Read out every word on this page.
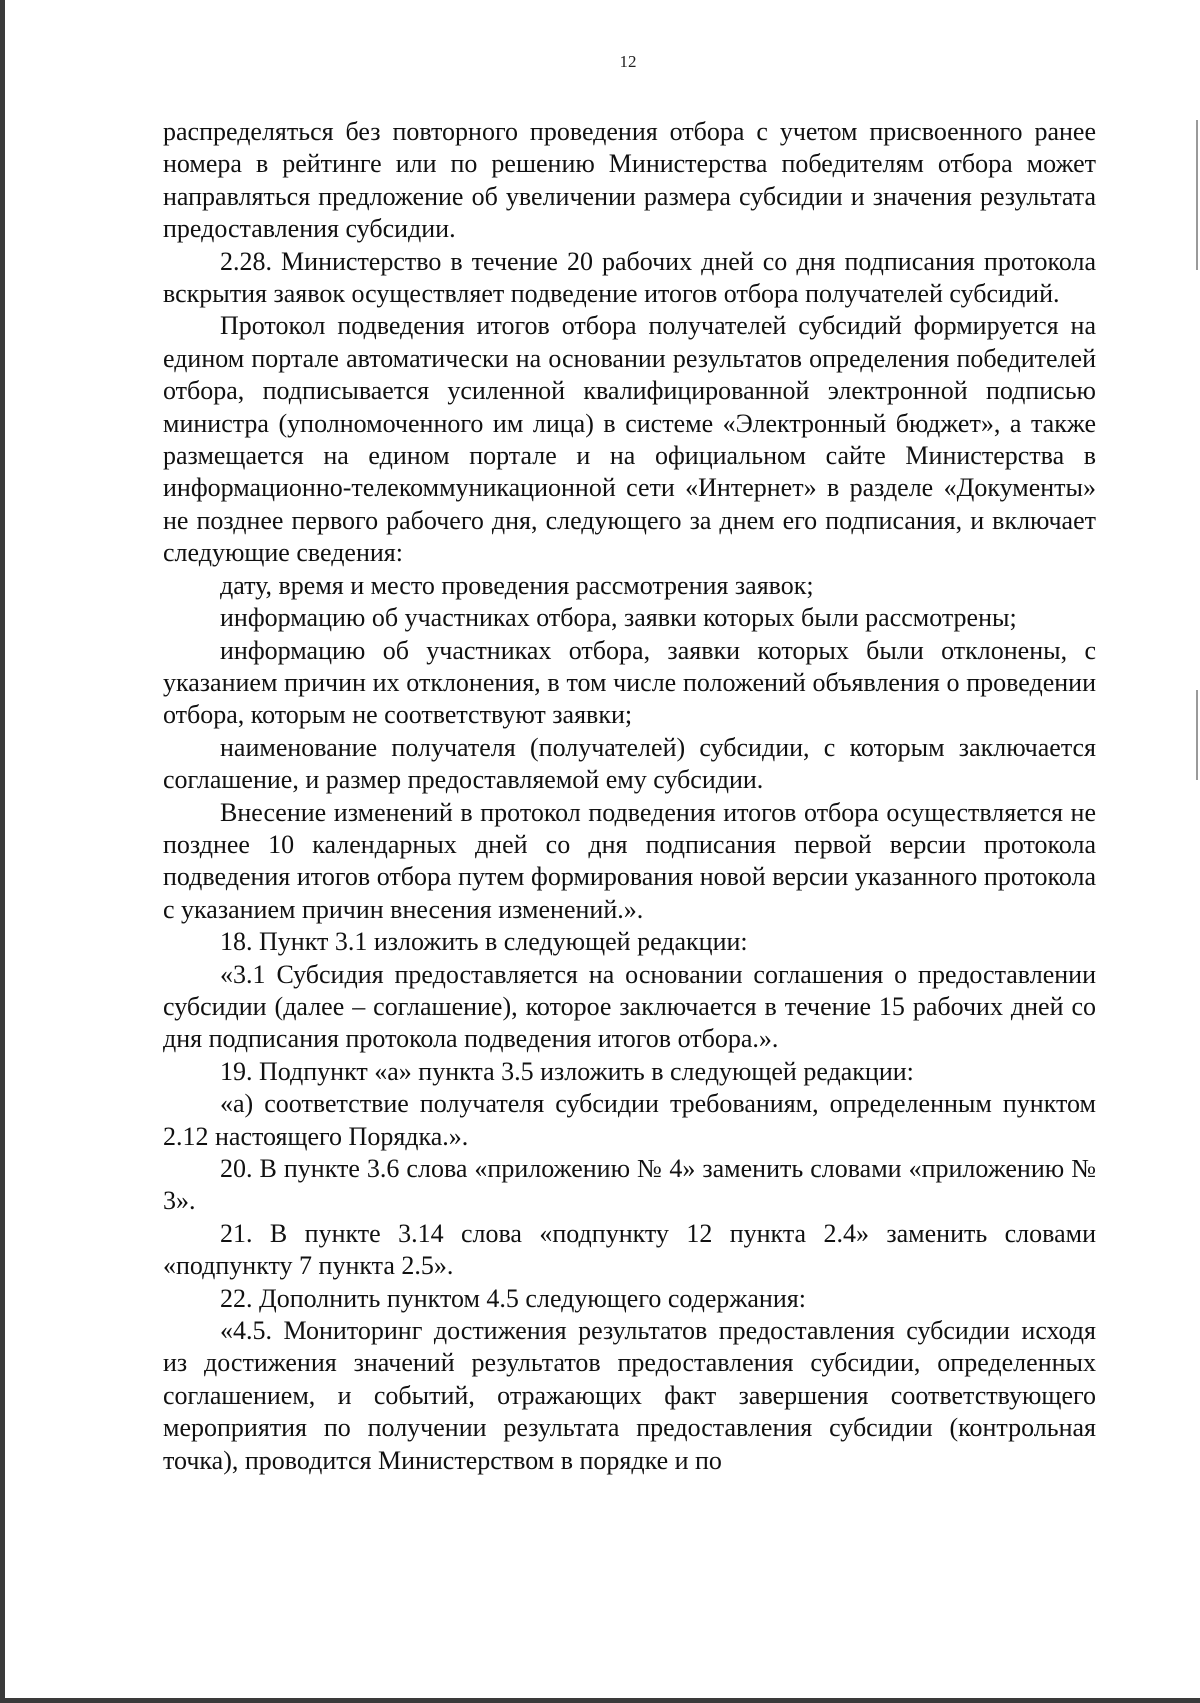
12

распределяться без повторного проведения отбора с учетом присвоенного ранее номера в рейтинге или по решению Министерства победителям отбора может направляться предложение об увеличении размера субсидии и значения результата предоставления субсидии.

2.28. Министерство в течение 20 рабочих дней со дня подписания протокола вскрытия заявок осуществляет подведение итогов отбора получателей субсидий.

Протокол подведения итогов отбора получателей субсидий формируется на едином портале автоматически на основании результатов определения победителей отбора, подписывается усиленной квалифицированной электронной подписью министра (уполномоченного им лица) в системе «Электронный бюджет», а также размещается на едином портале и на официальном сайте Министерства в информационно-телекоммуникационной сети «Интернет» в разделе «Документы» не позднее первого рабочего дня, следующего за днем его подписания, и включает следующие сведения:

дату, время и место проведения рассмотрения заявок;

информацию об участниках отбора, заявки которых были рассмотрены;

информацию об участниках отбора, заявки которых были отклонены, с указанием причин их отклонения, в том числе положений объявления о проведении отбора, которым не соответствуют заявки;

наименование получателя (получателей) субсидии, с которым заключается соглашение, и размер предоставляемой ему субсидии.

Внесение изменений в протокол подведения итогов отбора осуществляется не позднее 10 календарных дней со дня подписания первой версии протокола подведения итогов отбора путем формирования новой версии указанного протокола с указанием причин внесения изменений.».

18. Пункт 3.1 изложить в следующей редакции:

«3.1 Субсидия предоставляется на основании соглашения о предоставлении субсидии (далее – соглашение), которое заключается в течение 15 рабочих дней со дня подписания протокола подведения итогов отбора.».

19. Подпункт «а» пункта 3.5 изложить в следующей редакции:

«а) соответствие получателя субсидии требованиям, определенным пунктом 2.12 настоящего Порядка.».

20. В пункте 3.6 слова «приложению № 4» заменить словами «приложению № 3».

21. В пункте 3.14 слова «подпункту 12 пункта 2.4» заменить словами «подпункту 7 пункта 2.5».

22. Дополнить пунктом 4.5 следующего содержания:

«4.5. Мониторинг достижения результатов предоставления субсидии исходя из достижения значений результатов предоставления субсидии, определенных соглашением, и событий, отражающих факт завершения соответствующего мероприятия по получении результата предоставления субсидии (контрольная точка), проводится Министерством в порядке и по
